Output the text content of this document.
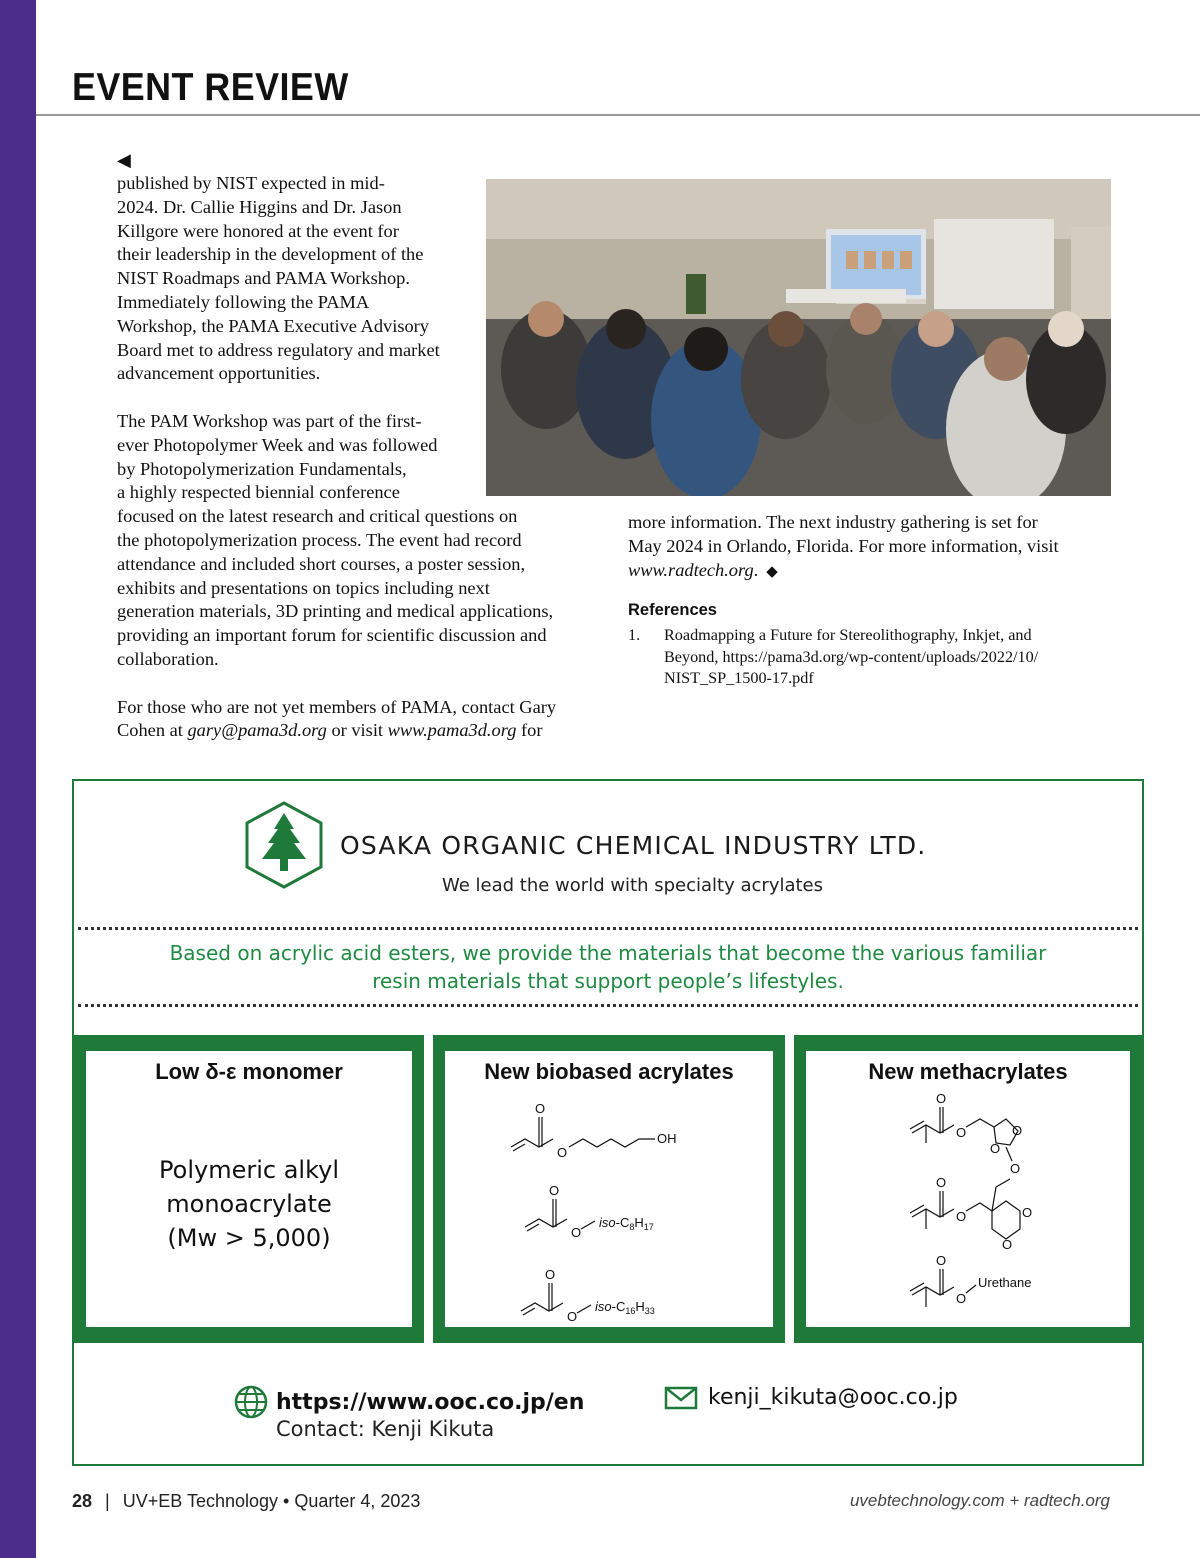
EVENT REVIEW
◀

published by NIST expected in mid-
2024. Dr. Callie Higgins and Dr. Jason
Killgore were honored at the event for
their leadership in the development of the
NIST Roadmaps and PAMA Workshop.
Immediately following the PAMA
Workshop, the PAMA Executive Advisory
Board met to address regulatory and market
advancement opportunities.

The PAM Workshop was part of the first-
ever Photopolymer Week and was followed
by Photopolymerization Fundamentals,
a highly respected biennial conference
focused on the latest research and critical questions on
the photopolymerization process. The event had record
attendance and included short courses, a poster session,
exhibits and presentations on topics including next
generation materials, 3D printing and medical applications,
providing an important forum for scientific discussion and
collaboration.

For those who are not yet members of PAMA, contact Gary
Cohen at gary@pama3d.org or visit www.pama3d.org for

more information. The next industry gathering is set for
May 2024 in Orlando, Florida. For more information, visit
www.radtech.org. ◆

References

1.	Roadmapping a Future for Stereolithography, Inkjet, and
Beyond, https://pama3d.org/wp-content/uploads/2022/10/
NIST_SP_1500-17.pdf
OSAKA ORGANIC CHEMICAL INDUSTRY LTD.
We lead the world with specialty acrylates
Based on acrylic acid esters, we provide the materials that become the various familiar
resin materials that support people’s lifestyles.
Low δ-ε monomer
Polymeric alkyl
monoacrylate
(Mw > 5,000)
New biobased acrylates
O
O
OH
O
O
iso-$C_8H_{17}$
O
O
iso-$C_{16}H_{33}$
New methacrylates
O
O	O
O
O
O
O	O
O
O
O
Urethane
https://www.ooc.co.jp/en
Contact: Kenji Kikuta
kenji_kikuta@ooc.co.jp
28 | UV+EB Technology • Quarter 4, 2023	uvebtechnology.com + radtech.org
